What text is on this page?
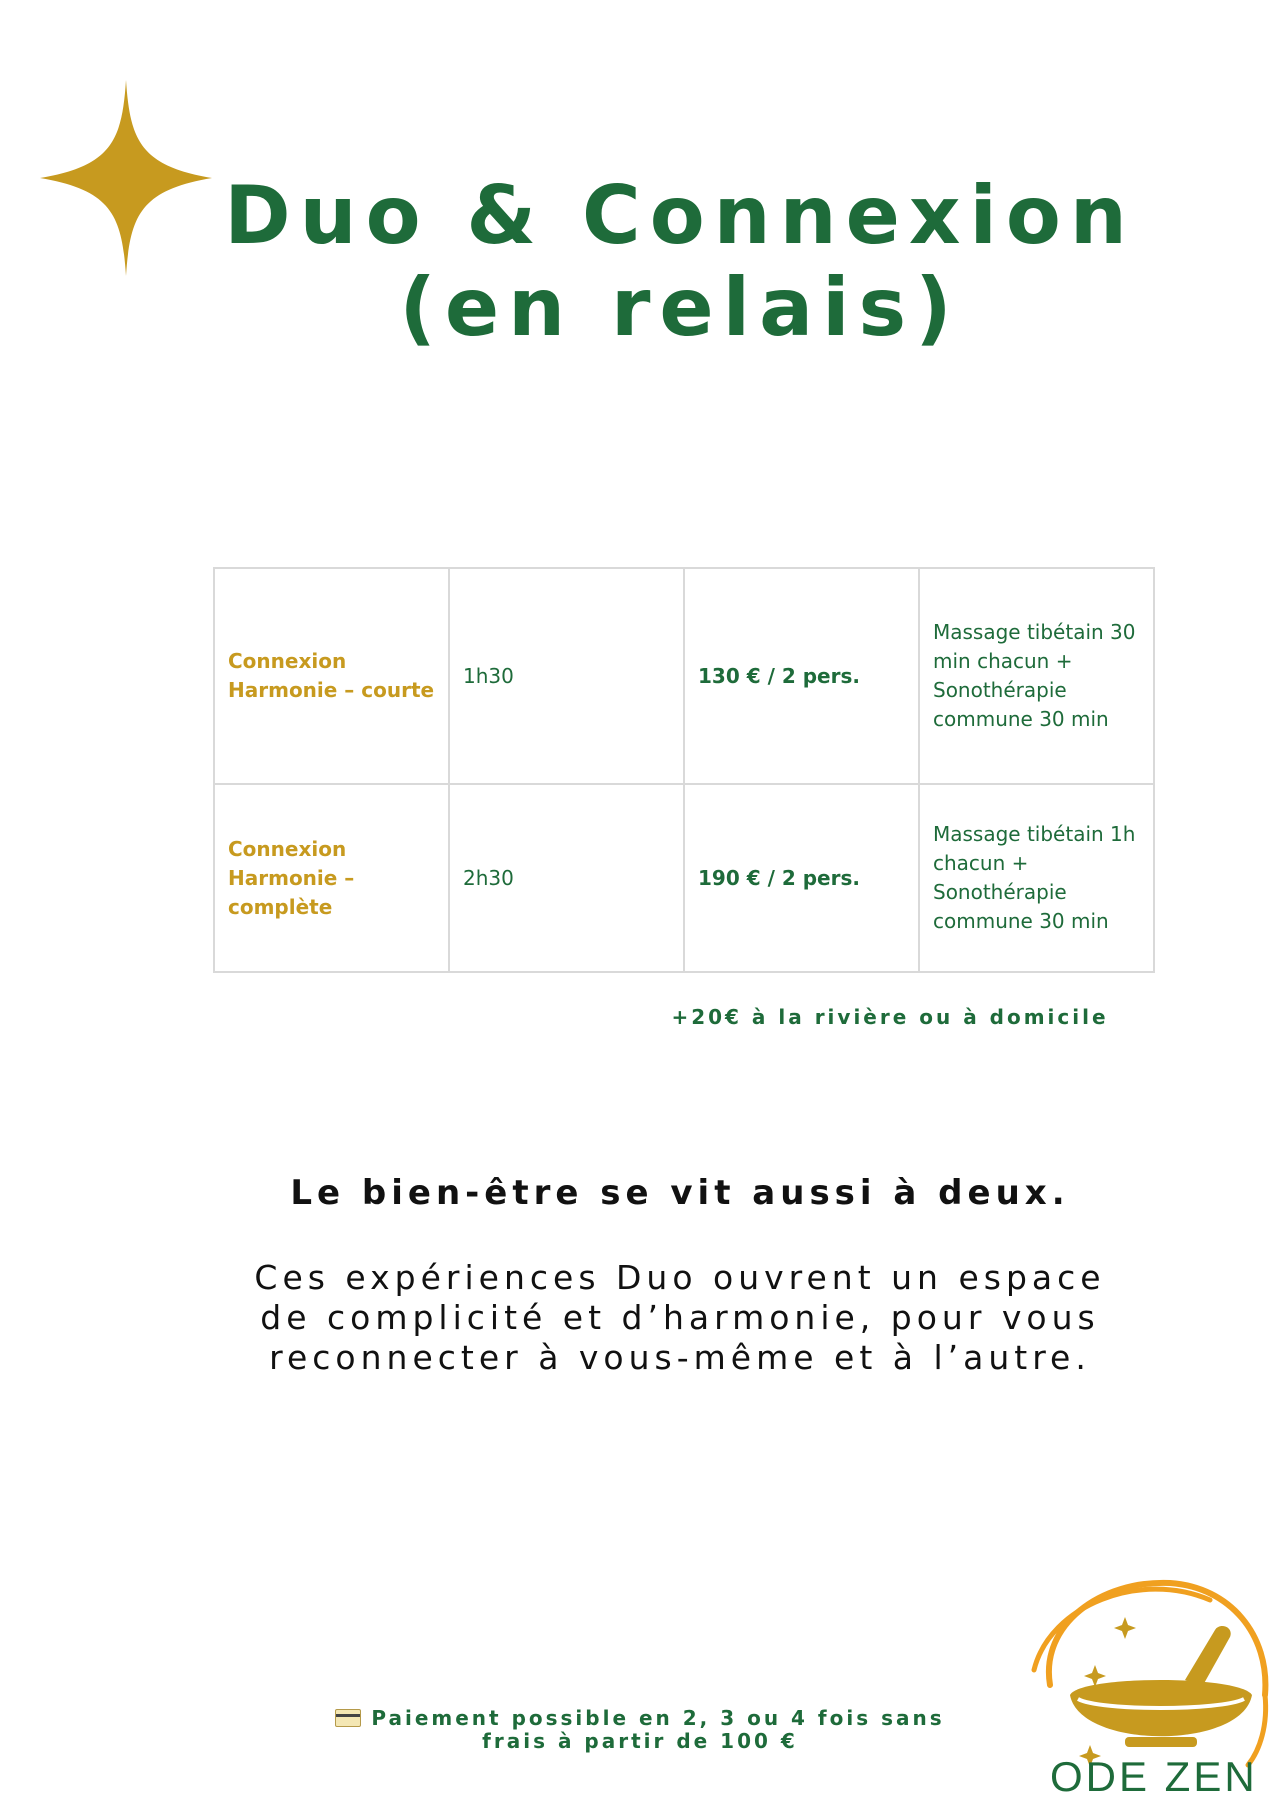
Duo & Connexion
(en relais)
Connexion Harmonie – courte	1h30	130 € / 2 pers.	Massage tibétain 30 min chacun + Sonothérapie commune 30 min
Connexion Harmonie – complète	2h30	190 € / 2 pers.	Massage tibétain 1h chacun + Sonothérapie commune 30 min
+20€ à la rivière ou à domicile
Le bien-être se vit aussi à deux.
Ces expériences Duo ouvrent un espace de complicité et d’harmonie, pour vous reconnecter à vous-même et à l’autre.
Paiement possible en 2, 3 ou 4 fois sans
frais à partir de 100 €
ODE ZEN
